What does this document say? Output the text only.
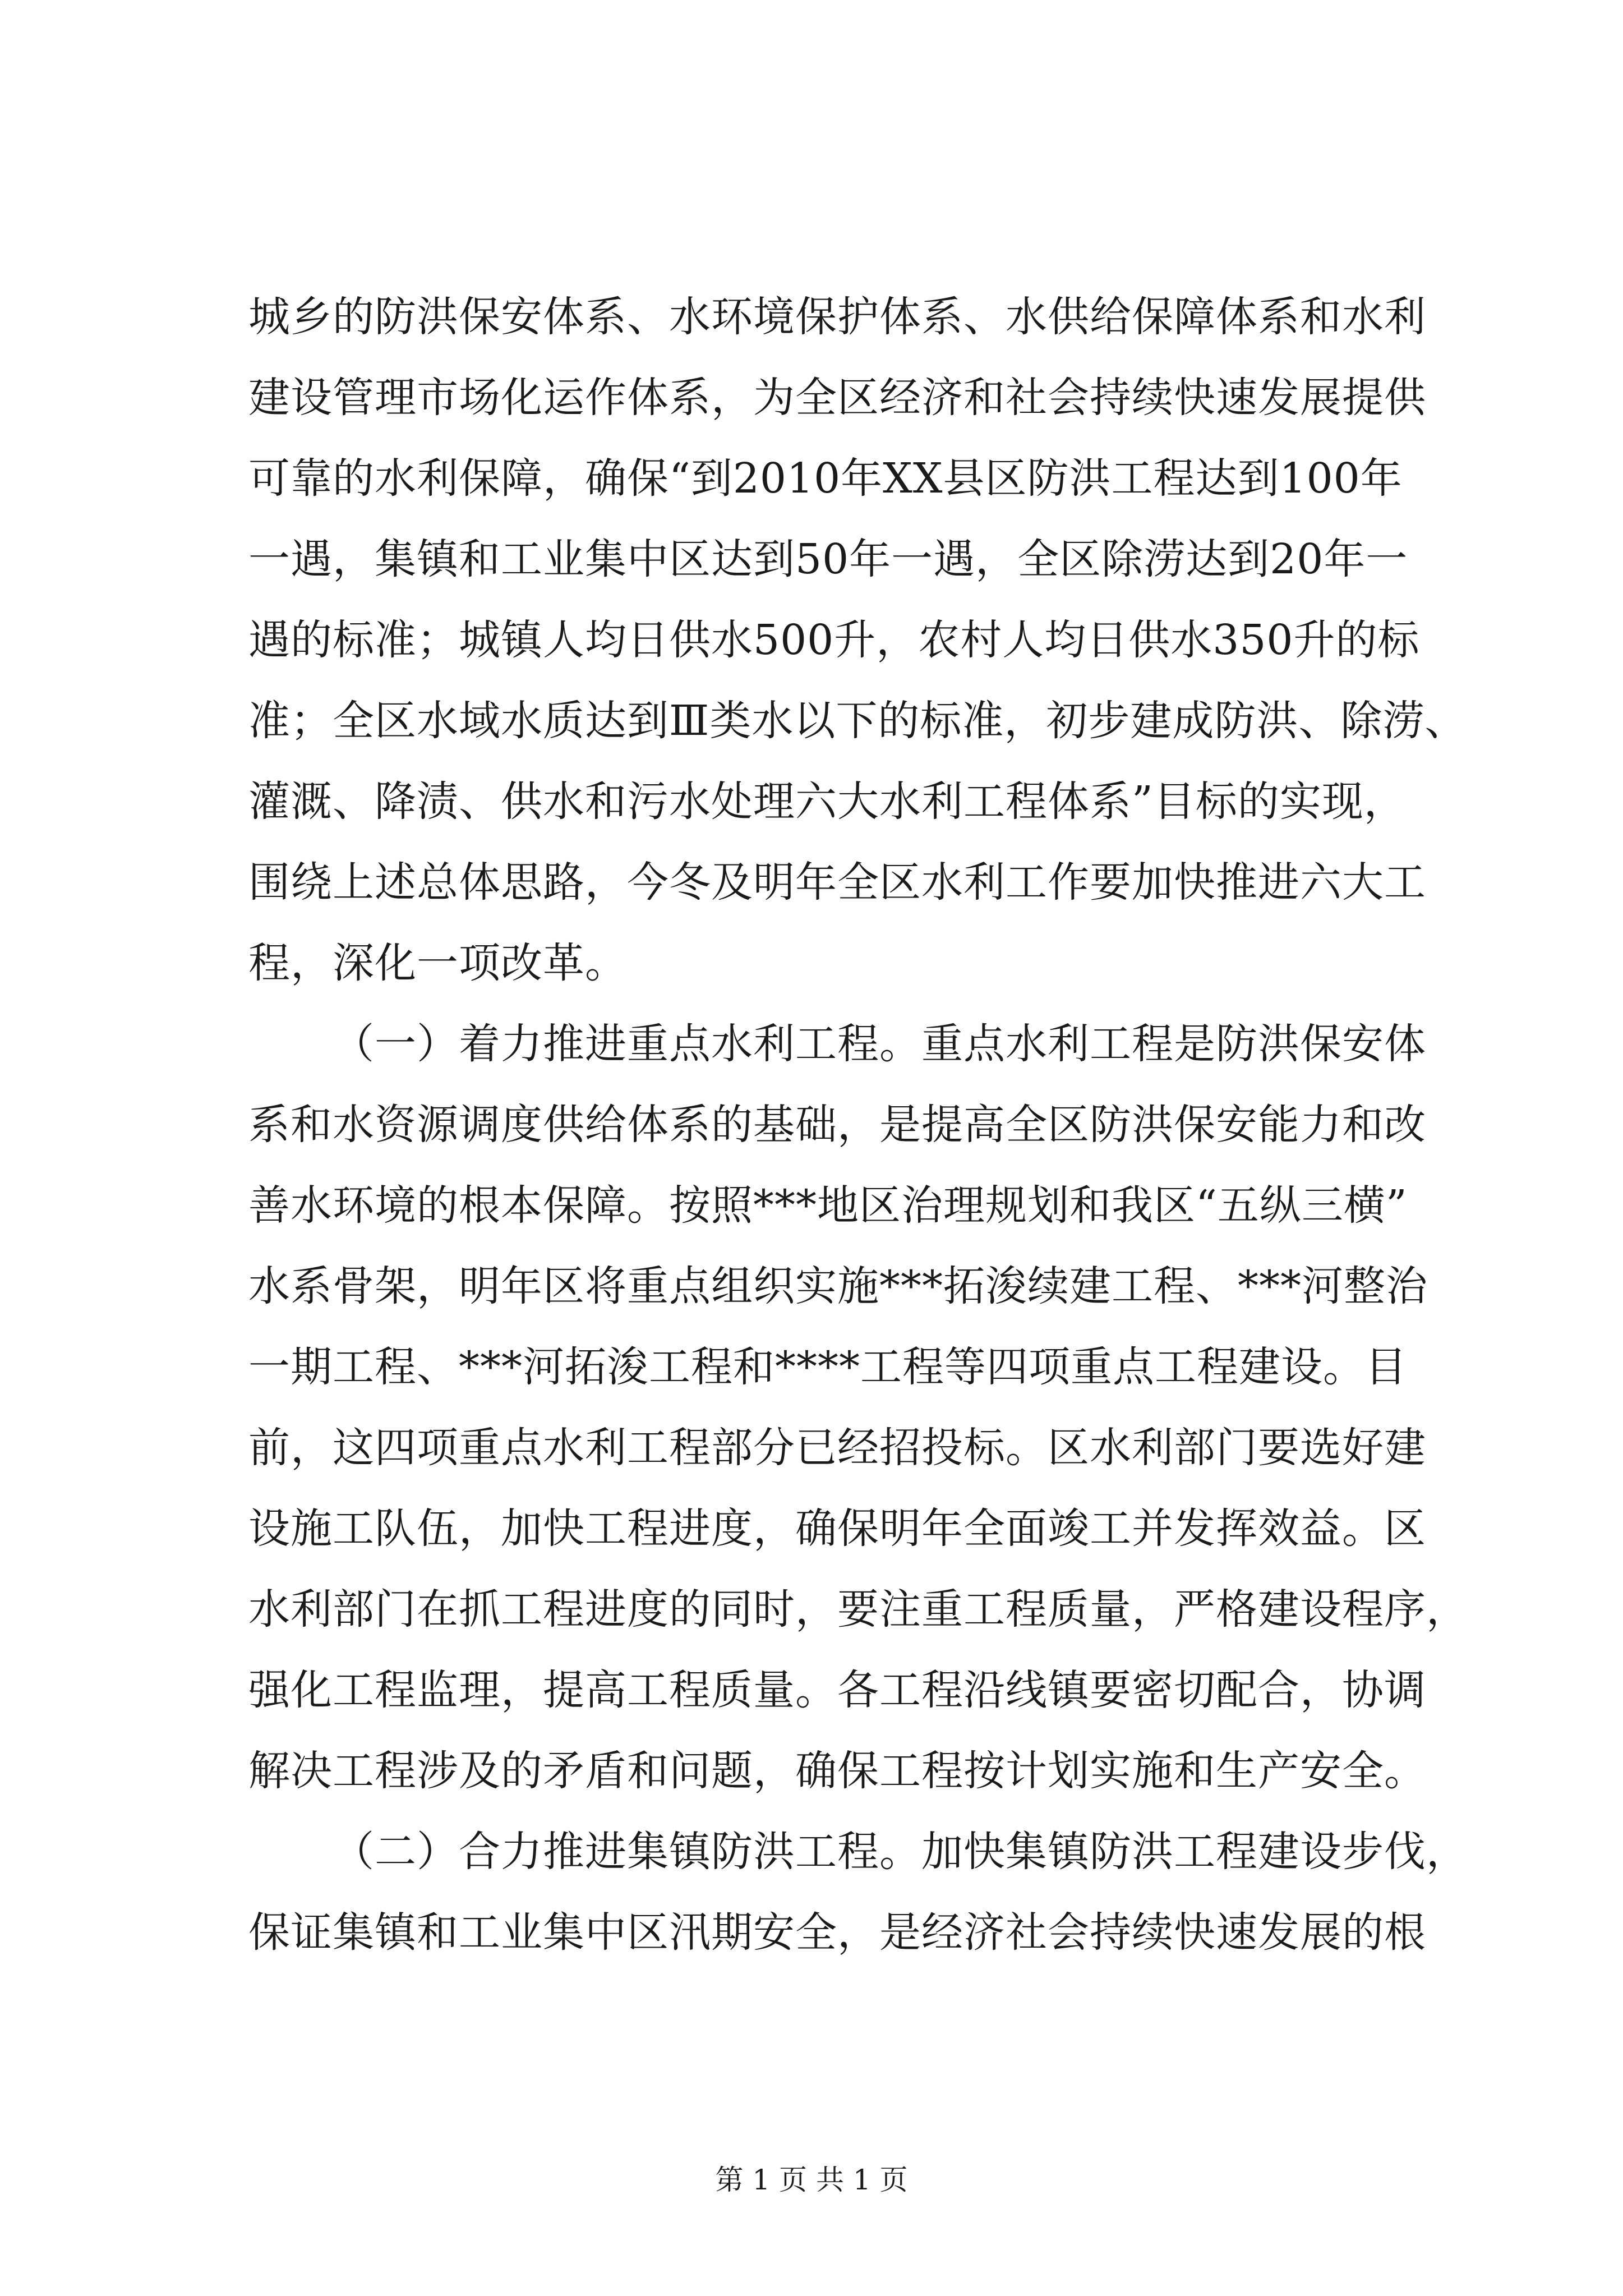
城乡的防洪保安体系、水环境保护体系、水供给保障体系和水利
建设管理市场化运作体系，为全区经济和社会持续快速发展提供
可靠的水利保障，确保“到2010年XX县区防洪工程达到100年
一遇，集镇和工业集中区达到50年一遇，全区除涝达到20年一
遇的标准；城镇人均日供水500升，农村人均日供水350升的标
准；全区水域水质达到Ⅲ类水以下的标准，初步建成防洪、除涝、
灌溉、降渍、供水和污水处理六大水利工程体系”目标的实现，
围绕上述总体思路，今冬及明年全区水利工作要加快推进六大工
程，深化一项改革。
（一）着力推进重点水利工程。重点水利工程是防洪保安体
系和水资源调度供给体系的基础，是提高全区防洪保安能力和改
善水环境的根本保障。按照***地区治理规划和我区“五纵三横”
水系骨架，明年区将重点组织实施***拓浚续建工程、***河整治
一期工程、***河拓浚工程和****工程等四项重点工程建设。目
前，这四项重点水利工程部分已经招投标。区水利部门要选好建
设施工队伍，加快工程进度，确保明年全面竣工并发挥效益。区
水利部门在抓工程进度的同时，要注重工程质量，严格建设程序，
强化工程监理，提高工程质量。各工程沿线镇要密切配合，协调
解决工程涉及的矛盾和问题，确保工程按计划实施和生产安全。
（二）合力推进集镇防洪工程。加快集镇防洪工程建设步伐，
保证集镇和工业集中区汛期安全，是经济社会持续快速发展的根
第 1 页 共 1 页
